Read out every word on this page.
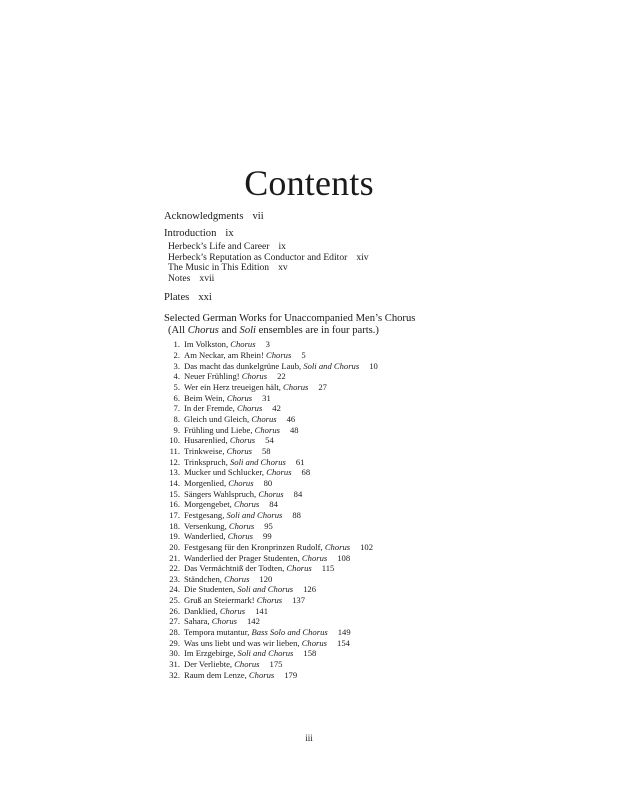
Contents
Acknowledgments vii
Introduction ix
Herbeck’s Life and Career ix
Herbeck’s Reputation as Conductor and Editor xiv
The Music in This Edition xv
Notes xvii
Plates xxi
Selected German Works for Unaccompanied Men’s Chorus
(All Chorus and Soli ensembles are in four parts.)
1. Im Volkston, Chorus 3
2. Am Neckar, am Rhein! Chorus 5
3. Das macht das dunkelgrüne Laub, Soli and Chorus 10
4. Neuer Frühling! Chorus 22
5. Wer ein Herz treueigen hält, Chorus 27
6. Beim Wein, Chorus 31
7. In der Fremde, Chorus 42
8. Gleich und Gleich, Chorus 46
9. Frühling und Liebe, Chorus 48
10. Husarenlied, Chorus 54
11. Trinkweise, Chorus 58
12. Trinkspruch, Soli and Chorus 61
13. Mucker und Schlucker, Chorus 68
14. Morgenlied, Chorus 80
15. Sängers Wahlspruch, Chorus 84
16. Morgengebet, Chorus 84
17. Festgesang, Soli and Chorus 88
18. Versenkung, Chorus 95
19. Wanderlied, Chorus 99
20. Festgesang für den Kronprinzen Rudolf, Chorus 102
21. Wanderlied der Prager Studenten, Chorus 108
22. Das Vermächtniß der Todten, Chorus 115
23. Ständchen, Chorus 120
24. Die Studenten, Soli and Chorus 126
25. Gruß an Steiermark! Chorus 137
26. Danklied, Chorus 141
27. Sahara, Chorus 142
28. Tempora mutantur, Bass Solo and Chorus 149
29. Was uns liebt und was wir lieben, Chorus 154
30. Im Erzgebirge, Soli and Chorus 158
31. Der Verliebte, Chorus 175
32. Raum dem Lenze, Chorus 179
iii
